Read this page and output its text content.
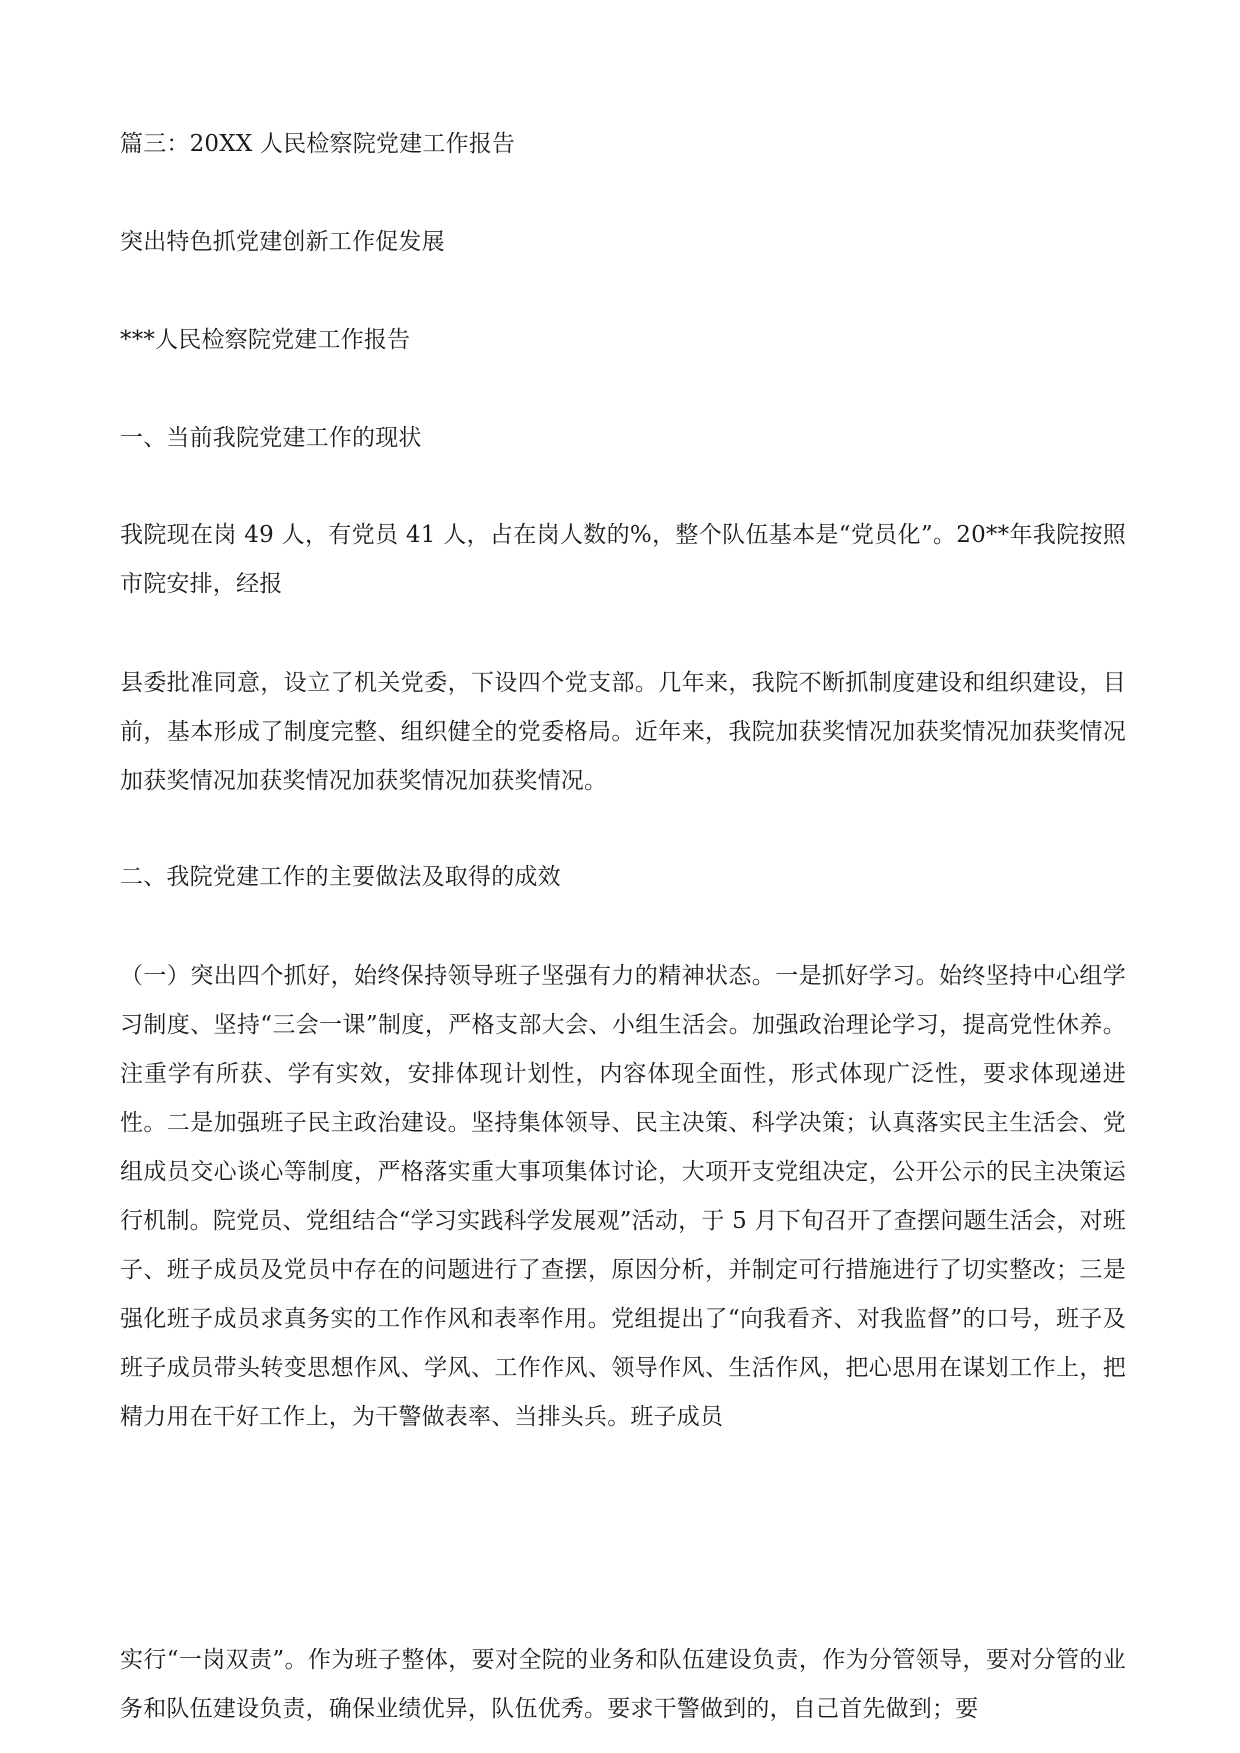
篇三：20XX 人民检察院党建工作报告

突出特色抓党建创新工作促发展

***人民检察院党建工作报告

一、当前我院党建工作的现状

我院现在岗 49 人，有党员 41 人，占在岗人数的%，整个队伍基本是“党员化”。20**年我院按照市院安排，经报

县委批准同意，设立了机关党委，下设四个党支部。几年来，我院不断抓制度建设和组织建设，目前，基本形成了制度完整、组织健全的党委格局。近年来，我院加获奖情况加获奖情况加获奖情况加获奖情况加获奖情况加获奖情况加获奖情况。

二、我院党建工作的主要做法及取得的成效

（一）突出四个抓好，始终保持领导班子坚强有力的精神状态。一是抓好学习。始终坚持中心组学习制度、坚持“三会一课”制度，严格支部大会、小组生活会。加强政治理论学习，提高党性休养。注重学有所获、学有实效，安排体现计划性，内容体现全面性，形式体现广泛性，要求体现递进性。二是加强班子民主政治建设。坚持集体领导、民主决策、科学决策；认真落实民主生活会、党组成员交心谈心等制度，严格落实重大事项集体讨论，大项开支党组决定，公开公示的民主决策运行机制。院党员、党组结合“学习实践科学发展观”活动，于 5 月下旬召开了查摆问题生活会，对班子、班子成员及党员中存在的问题进行了查摆，原因分析，并制定可行措施进行了切实整改；三是强化班子成员求真务实的工作作风和表率作用。党组提出了“向我看齐、对我监督”的口号，班子及班子成员带头转变思想作风、学风、工作作风、领导作风、生活作风，把心思用在谋划工作上，把精力用在干好工作上，为干警做表率、当排头兵。班子成员

实行“一岗双责”。作为班子整体，要对全院的业务和队伍建设负责，作为分管领导，要对分管的业务和队伍建设负责，确保业绩优异，队伍优秀。要求干警做到的，自己首先做到；要
